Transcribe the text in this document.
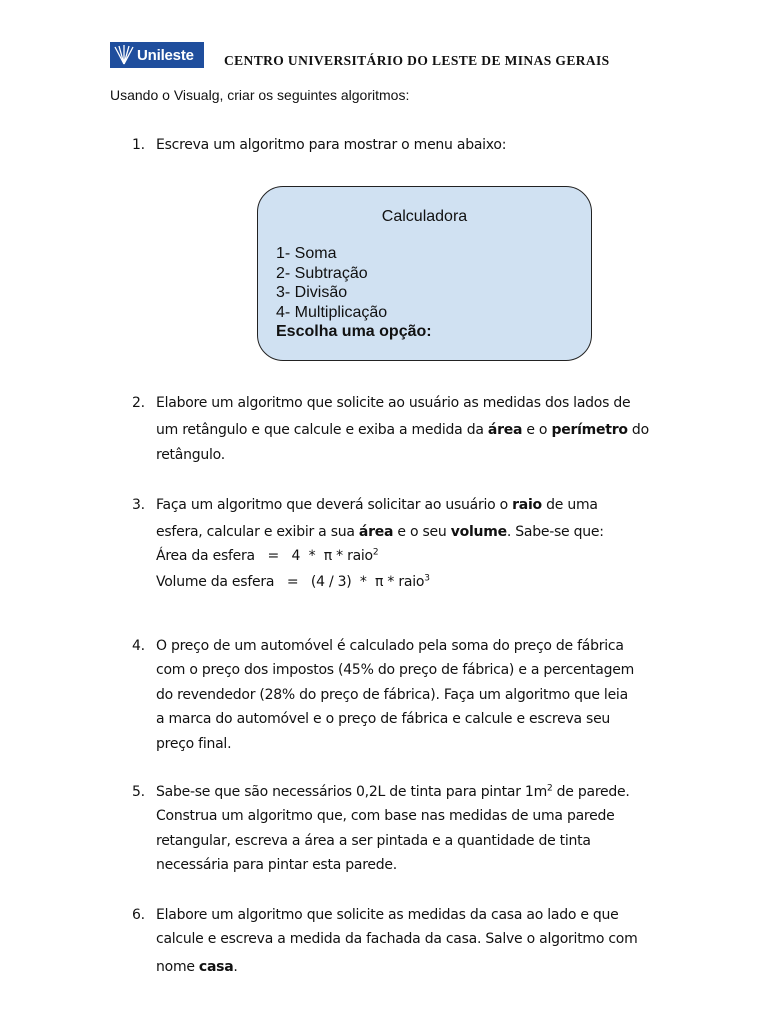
Unileste CENTRO UNIVERSITÁRIO DO LESTE DE MINAS GERAIS
Usando o Visualg, criar os seguintes algoritmos:
1. Escreva um algoritmo para mostrar o menu abaixo:
Calculadora
1- Soma
2- Subtração
3- Divisão
4- Multiplicação
Escolha uma opção:
2. Elabore um algoritmo que solicite ao usuário as medidas dos lados de
um retângulo e que calcule e exiba a medida da área e o perímetro do
retângulo.
3. Faça um algoritmo que deverá solicitar ao usuário o raio de uma
esfera, calcular e exibir a sua área e o seu volume. Sabe-se que:
Área da esfera   =   4  *  π * raio$^2$
Volume da esfera   =   (4 / 3)  *  π * raio$^3$
4. O preço de um automóvel é calculado pela soma do preço de fábrica
com o preço dos impostos (45% do preço de fábrica) e a percentagem
do revendedor (28% do preço de fábrica). Faça um algoritmo que leia
a marca do automóvel e o preço de fábrica e calcule e escreva seu
preço final.
5. Sabe-se que são necessários 0,2L de tinta para pintar $1m^2$ de parede.
Construa um algoritmo que, com base nas medidas de uma parede
retangular, escreva a área a ser pintada e a quantidade de tinta
necessária para pintar esta parede.
6. Elabore um algoritmo que solicite as medidas da casa ao lado e que
calcule e escreva a medida da fachada da casa. Salve o algoritmo com
nome casa.
